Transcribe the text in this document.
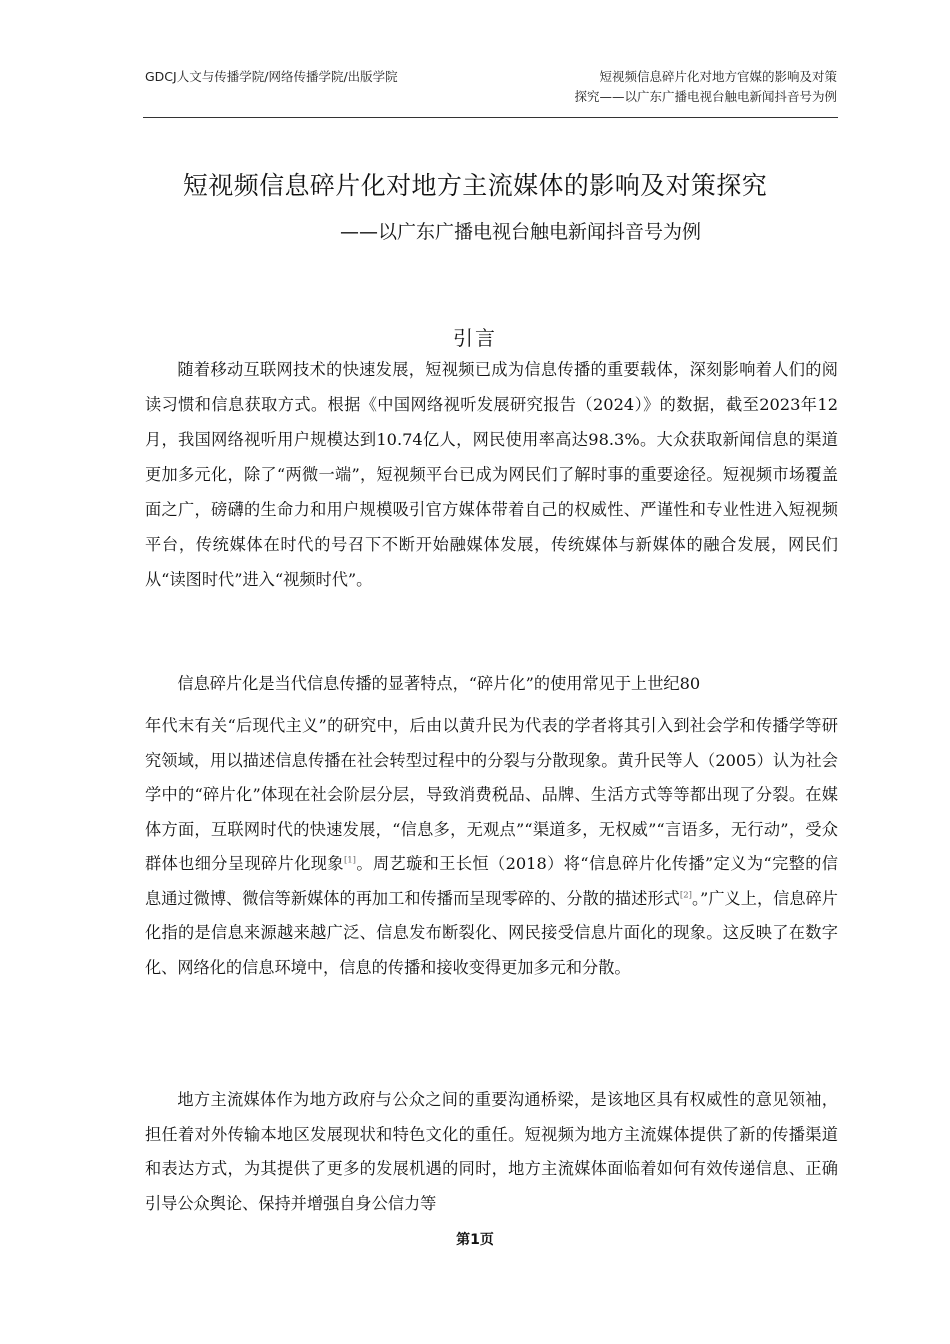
GDCJ人文与传播学院/网络传播学院/出版学院	短视频信息碎片化对地方官媒的影响及对策
探究——以广东广播电视台触电新闻抖音号为例
短视频信息碎片化对地方主流媒体的影响及对策探究
——以广东广播电视台触电新闻抖音号为例
引言

随着移动互联网技术的快速发展，短视频已成为信息传播的重要载体，深刻影响着人们的阅读习惯和信息获取方式。根据《中国网络视听发展研究报告（2024）》的数据，截至2023年12月，我国网络视听用户规模达到10.74亿人，网民使用率高达98.3%。大众获取新闻信息的渠道更加多元化，除了“两微一端”，短视频平台已成为网民们了解时事的重要途径。短视频市场覆盖面之广，磅礴的生命力和用户规模吸引官方媒体带着自己的权威性、严谨性和专业性进入短视频平台，传统媒体在时代的号召下不断开始融媒体发展，传统媒体与新媒体的融合发展，网民们从“读图时代”进入“视频时代”。

信息碎片化是当代信息传播的显著特点，“碎片化”的使用常见于上世纪80

年代末有关“后现代主义”的研究中，后由以黄升民为代表的学者将其引入到社会学和传播学等研究领域，用以描述信息传播在社会转型过程中的分裂与分散现象。黄升民等人（2005）认为社会学中的“碎片化”体现在社会阶层分层，导致消费税品、品牌、生活方式等等都出现了分裂。在媒体方面，互联网时代的快速发展，“信息多，无观点”“渠道多，无权威”“言语多，无行动”，受众群体也细分呈现碎片化现象[1]。周艺璇和王长恒（2018）将“信息碎片化传播”定义为“完整的信息通过微博、微信等新媒体的再加工和传播而呈现零碎的、分散的描述形式[2]。”广义上，信息碎片化指的是信息来源越来越广泛、信息发布断裂化、网民接受信息片面化的现象。这反映了在数字化、网络化的信息环境中，信息的传播和接收变得更加多元和分散。

地方主流媒体作为地方政府与公众之间的重要沟通桥梁，是该地区具有权威性的意见领袖，担任着对外传输本地区发展现状和特色文化的重任。短视频为地方主流媒体提供了新的传播渠道和表达方式，为其提供了更多的发展机遇的同时，地方主流媒体面临着如何有效传递信息、正确引导公众舆论、保持并增强自身公信力等

第1页
